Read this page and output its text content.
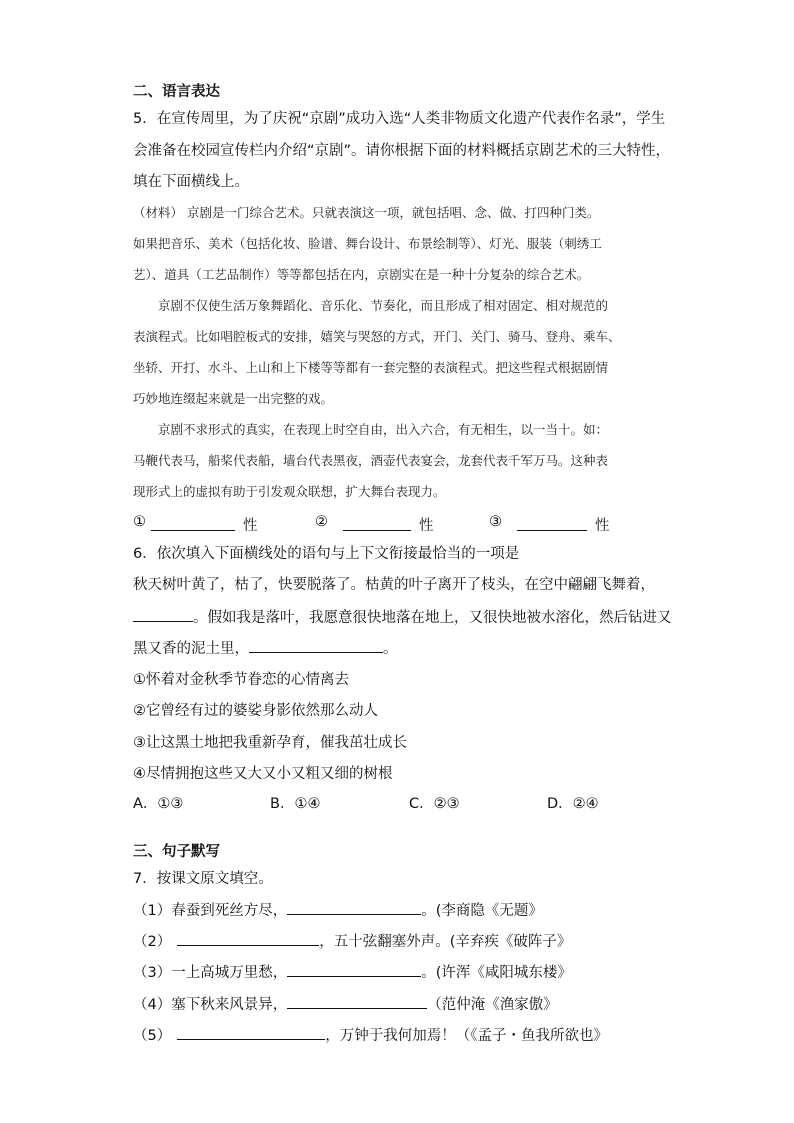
二、语言表达
5．在宣传周里，为了庆祝“京剧”成功入选“人类非物质文化遗产代表作名录”，学生
会准备在校园宣传栏内介绍“京剧”。请你根据下面的材料概括京剧艺术的三大特性，
填在下面横线上。
（材料） 京剧是一门综合艺术。只就表演这一项，就包括唱、念、做、打四种门类。
如果把音乐、美术（包括化妆、脸谱、舞台设计、布景绘制等）、灯光、服装（刺绣工
艺）、道具（工艺品制作）等等都包括在内，京剧实在是一种十分复杂的综合艺术。
京剧不仅使生活万象舞蹈化、音乐化、节奏化，而且形成了相对固定、相对规范的
表演程式。比如唱腔板式的安排，嬉笑与哭怒的方式，开门、关门、骑马、登舟、乘车、
坐轿、开打、水斗、上山和上下楼等等都有一套完整的表演程式。把这些程式根据剧情
巧妙地连缀起来就是一出完整的戏。
京剧不求形式的真实，在表现上时空自由，出入六合，有无相生，以一当十。如：
马鞭代表马，船桨代表船，墙台代表黑夜，酒壶代表宴会，龙套代表千军万马。这种表
现形式上的虚拟有助于引发观众联想，扩大舞台表现力。
①	性	②	性	③	性
6．依次填入下面横线处的语句与上下文衔接最恰当的一项是
秋天树叶黄了，枯了，快要脱落了。枯黄的叶子离开了枝头，在空中翩翩飞舞着，
。假如我是落叶，我愿意很快地落在地上，又很快地被水溶化，然后钻进又
黑又香的泥土里，	。
①怀着对金秋季节眷恋的心情离去
②它曾经有过的婆娑身影依然那么动人
③让这黑土地把我重新孕育，催我茁壮成长
④尽情拥抱这些又大又小又粗又细的树根
A．①③	B．①④	C．②③	D．②④
三、句子默写
7．按课文原文填空。
（1）春蚕到死丝方尽，	。(李商隐《无题》
（2）	，五十弦翻塞外声。(辛弃疾《破阵子》
（3）一上高城万里愁，	。(许浑《咸阳城东楼》
（4）塞下秋来风景异，	（范仲淹《渔家傲》
（5）	，万钟于我何加焉！（《孟子・鱼我所欲也》
